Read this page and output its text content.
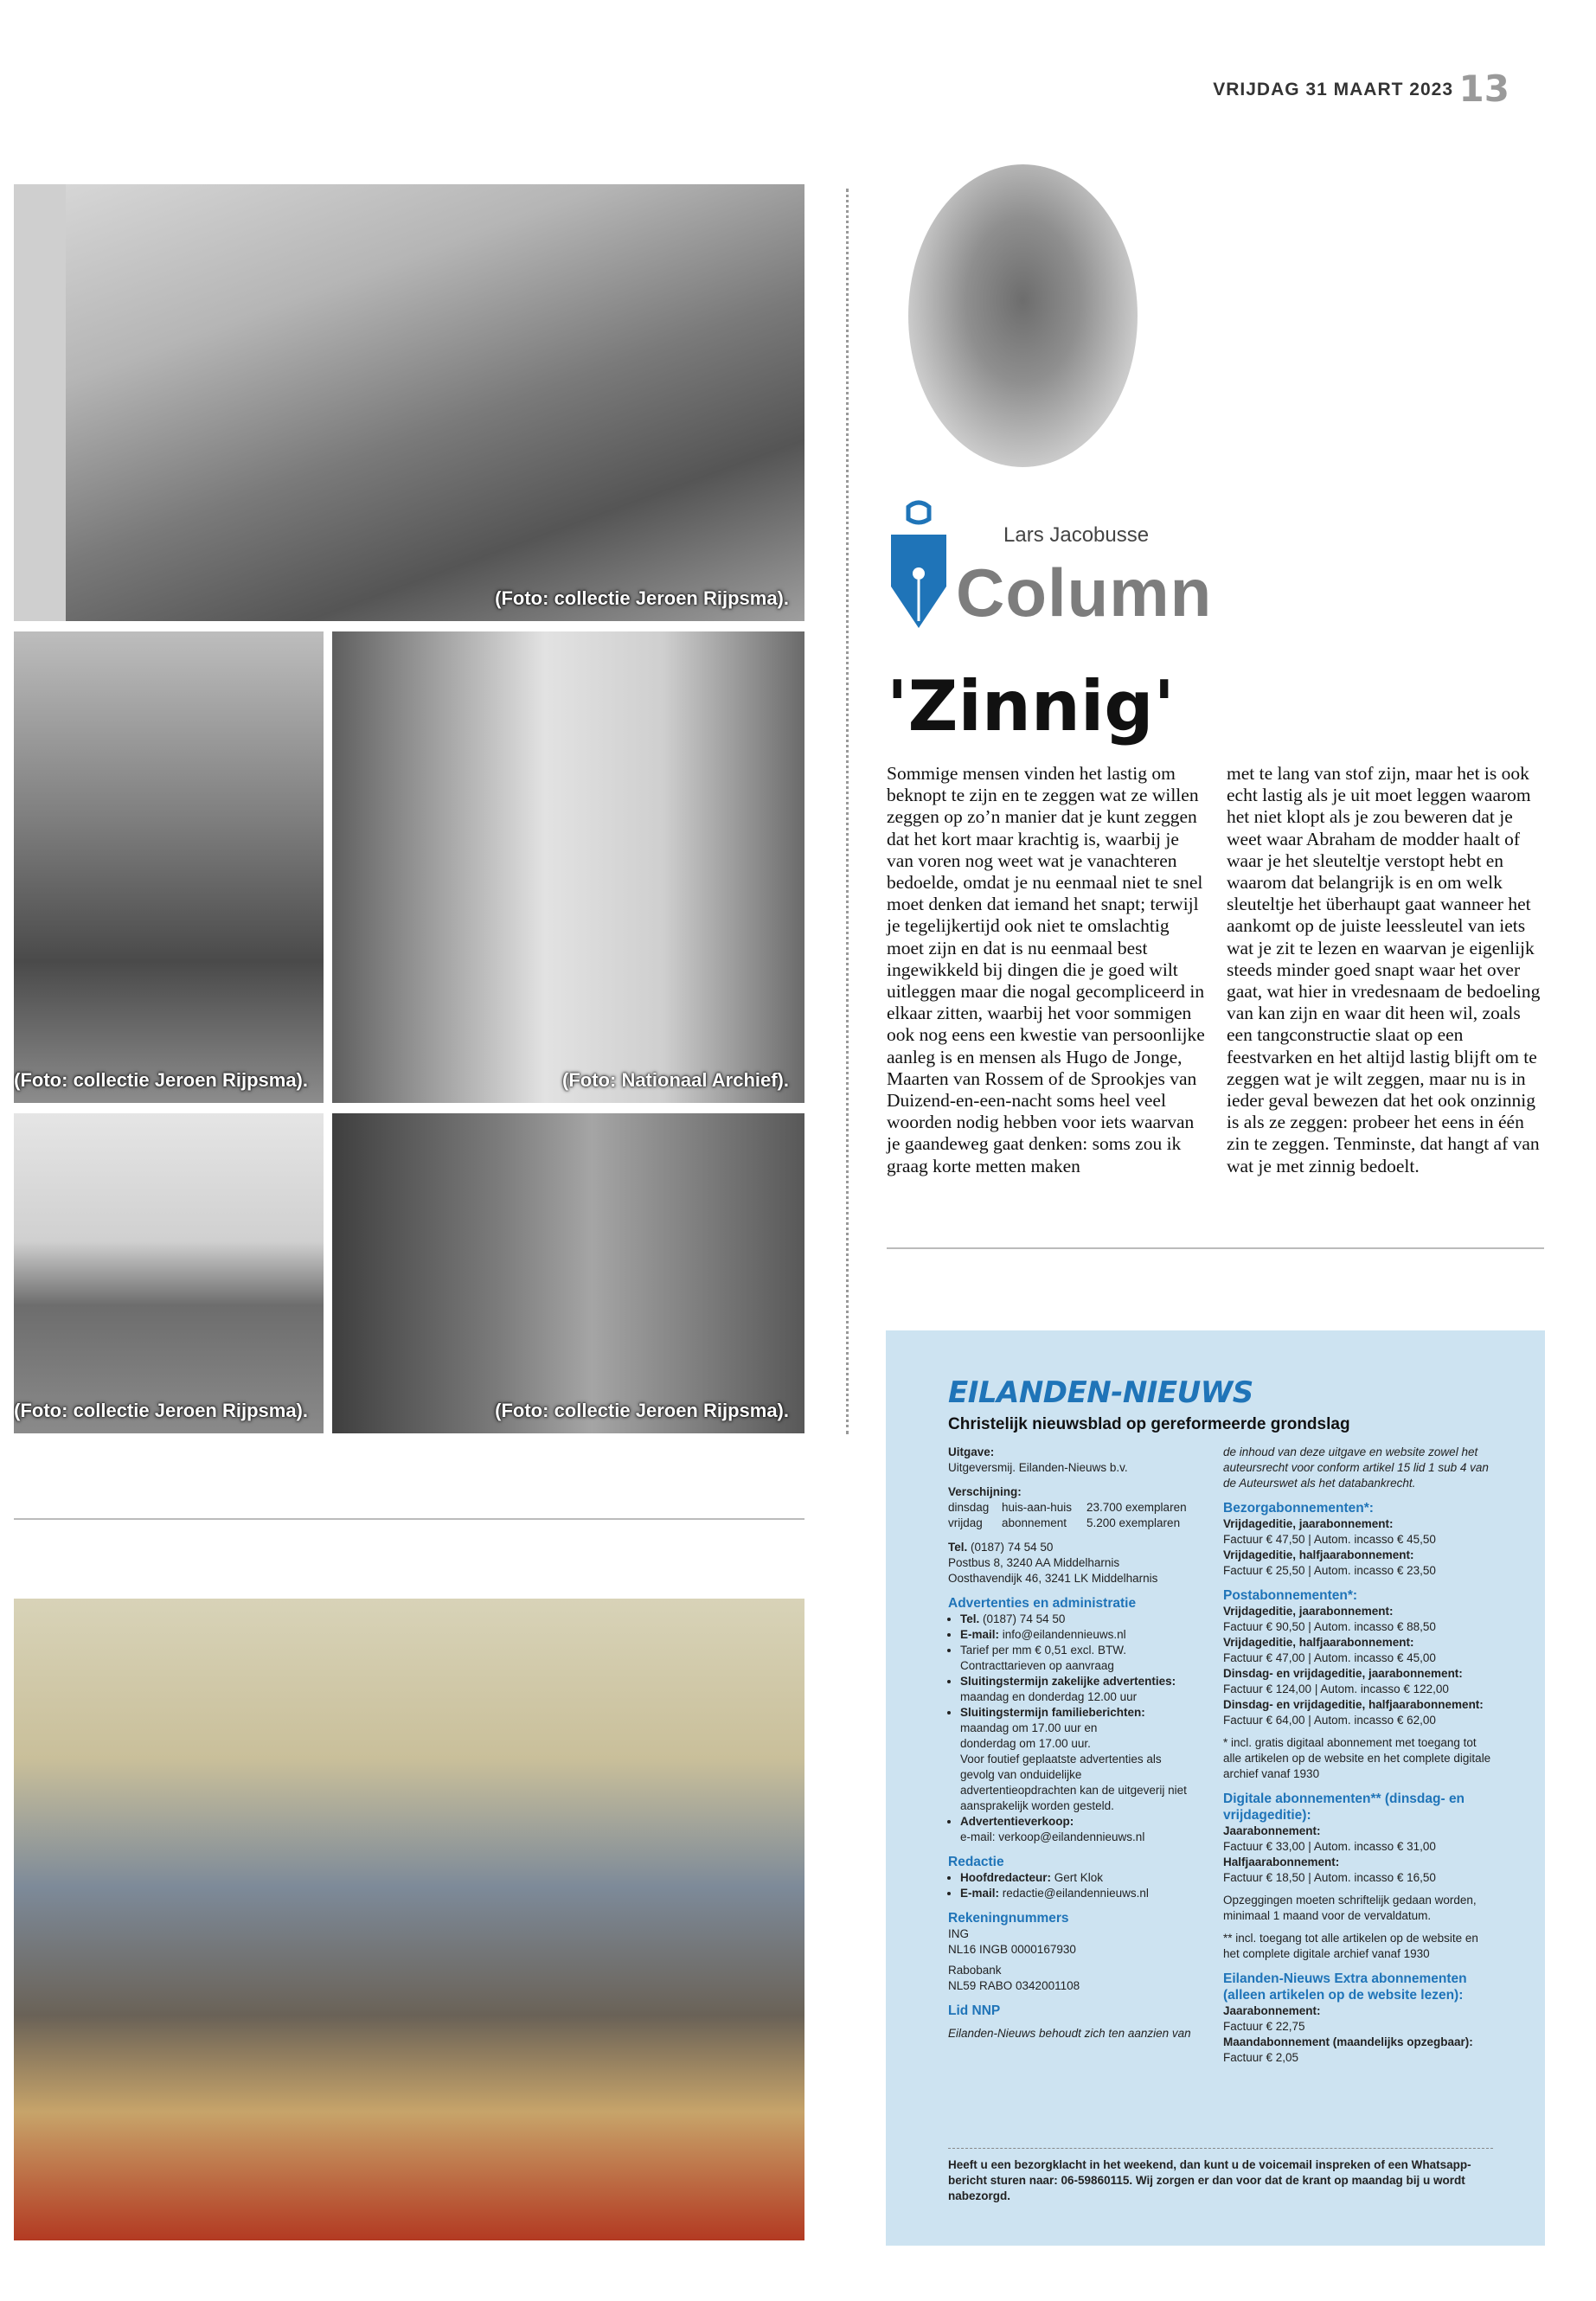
VRIJDAG 31 MAART 2023 13
(Foto: collectie Jeroen Rijpsma).
(Foto: collectie Jeroen Rijpsma).	(Foto: Nationaal Archief).
(Foto: collectie Jeroen Rijpsma).	(Foto: collectie Jeroen Rijpsma).
Lars Jacobusse
Column
'Zinnig'

Sommige mensen vinden het lastig om beknopt te zijn en te zeggen wat ze willen zeggen op zo’n manier dat je kunt zeggen dat het kort maar krachtig is, waarbij je van voren nog weet wat je vanachteren bedoelde, omdat je nu eenmaal niet te snel moet denken dat iemand het snapt; terwijl je tegelijkertijd ook niet te omslachtig moet zijn en dat is nu eenmaal best ingewikkeld bij dingen die je goed wilt uitleggen maar die nogal gecompliceerd in elkaar zitten, waarbij het voor sommigen ook nog eens een kwestie van persoonlijke aanleg is en mensen als Hugo de Jonge, Maarten van Rossem of de Sprookjes van Duizend-en-een-nacht soms heel veel woorden nodig hebben voor iets waarvan je gaandeweg gaat denken: soms zou ik graag korte metten maken

met te lang van stof zijn, maar het is ook echt lastig als je uit moet leggen waarom het niet klopt als je zou beweren dat je weet waar Abraham de modder haalt of waar je het sleuteltje verstopt hebt en waarom dat belangrijk is en om welk sleuteltje het überhaupt gaat wanneer het aankomt op de juiste leessleutel van iets wat je zit te lezen en waarvan je eigenlijk steeds minder goed snapt waar het over gaat, wat hier in vredesnaam de bedoeling van kan zijn en waar dit heen wil, zoals een tangconstructie slaat op een feestvarken en het altijd lastig blijft om te zeggen wat je wilt zeggen, maar nu is in ieder geval bewezen dat het ook onzinnig is als ze zeggen: probeer het eens in één zin te zeggen. Tenminste, dat hangt af van wat je met zinnig bedoelt.

EILANDEN-NIEUWS
Christelijk nieuwsblad op gereformeerde grondslag
Uitgave:
Uitgeversmij. Eilanden-Nieuws b.v.
Verschijning:
dinsdag huis-aan-huis 23.700 exemplaren
vrijdag abonnement 5.200 exemplaren
Tel. (0187) 74 54 50
Postbus 8, 3240 AA Middelharnis
Oosthavendijk 46, 3241 LK Middelharnis
Advertenties en administratie
• Tel. (0187) 74 54 50
• E-mail: info@eilandennieuws.nl
• Tarief per mm € 0,51 excl. BTW. Contracttarieven op aanvraag
• Sluitingstermijn zakelijke advertenties:
maandag en donderdag 12.00 uur
• Sluitingstermijn familieberichten:
maandag om 17.00 uur en
donderdag om 17.00 uur.
Voor foutief geplaatste advertenties als gevolg van onduidelijke advertentieopdrachten kan de uitgeverij niet aansprakelijk worden gesteld.
• Advertentieverkoop:
e-mail: verkoop@eilandennieuws.nl
Redactie
• Hoofdredacteur: Gert Klok
• E-mail: redactie@eilandennieuws.nl
Rekeningnummers
ING
NL16 INGB 0000167930
Rabobank
NL59 RABO 0342001108
Lid NNP
Eilanden-Nieuws behoudt zich ten aanzien van
de inhoud van deze uitgave en website zowel het auteursrecht voor conform artikel 15 lid 1 sub 4 van de Auteurswet als het databankrecht.
Bezorgabonnementen*:
Vrijdageditie, jaarabonnement:
Factuur € 47,50 | Autom. incasso € 45,50
Vrijdageditie, halfjaarabonnement:
Factuur € 25,50 | Autom. incasso € 23,50
Postabonnementen*:
Vrijdageditie, jaarabonnement:
Factuur € 90,50 | Autom. incasso € 88,50
Vrijdageditie, halfjaarabonnement:
Factuur € 47,00 | Autom. incasso € 45,00
Dinsdag- en vrijdageditie, jaarabonnement:
Factuur € 124,00 | Autom. incasso € 122,00
Dinsdag- en vrijdageditie, halfjaarabonnement:
Factuur € 64,00 | Autom. incasso € 62,00
* incl. gratis digitaal abonnement met toegang tot alle artikelen op de website en het complete digitale archief vanaf 1930
Digitale abonnementen** (dinsdag- en vrijdageditie):
Jaarabonnement:
Factuur € 33,00 | Autom. incasso € 31,00
Halfjaarabonnement:
Factuur € 18,50 | Autom. incasso € 16,50
Opzeggingen moeten schriftelijk gedaan worden, minimaal 1 maand voor de vervaldatum.
** incl. toegang tot alle artikelen op de website en het complete digitale archief vanaf 1930
Eilanden-Nieuws Extra abonnementen (alleen artikelen op de website lezen):
Jaarabonnement:
Factuur € 22,75
Maandabonnement (maandelijks opzegbaar):
Factuur € 2,05
Heeft u een bezorgklacht in het weekend, dan kunt u de voicemail inspreken of een Whatsapp-bericht sturen naar: 06-59860115. Wij zorgen er dan voor dat de krant op maandag bij u wordt nabezorgd.
